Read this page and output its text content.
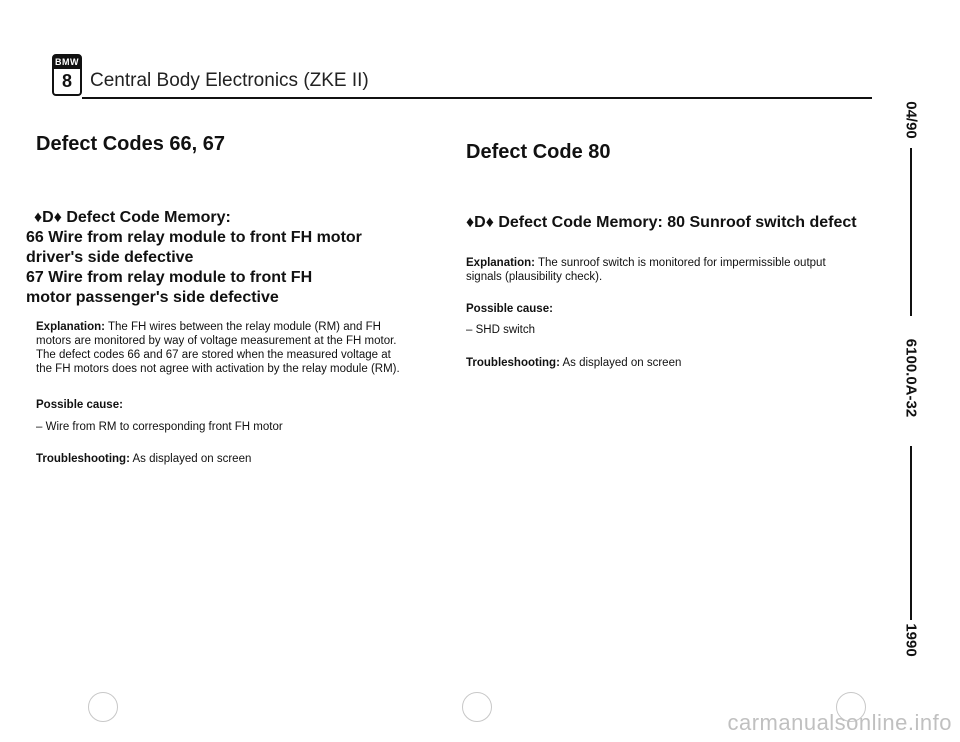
BMW
8 Central Body Electronics (ZKE II)
Defect Codes 66, 67
♦D♦ Defect Code Memory:
66 Wire from relay module to front FH motor driver's side defective
67 Wire from relay module to front FH motor passenger's side defective
Explanation: The FH wires between the relay module (RM) and FH motors are monitored by way of voltage measurement at the FH motor. The defect codes 66 and 67 are stored when the measured voltage at the FH motors does not agree with activation by the relay module (RM).
Possible cause:
– Wire from RM to corresponding front FH motor
Troubleshooting: As displayed on screen
Defect Code 80
♦D♦ Defect Code Memory: 80 Sunroof switch defect
Explanation: The sunroof switch is monitored for impermissible output signals (plausibility check).
Possible cause:
– SHD switch
Troubleshooting: As displayed on screen
04/90
6100.0A-32
1990
carmanualsonline.info
